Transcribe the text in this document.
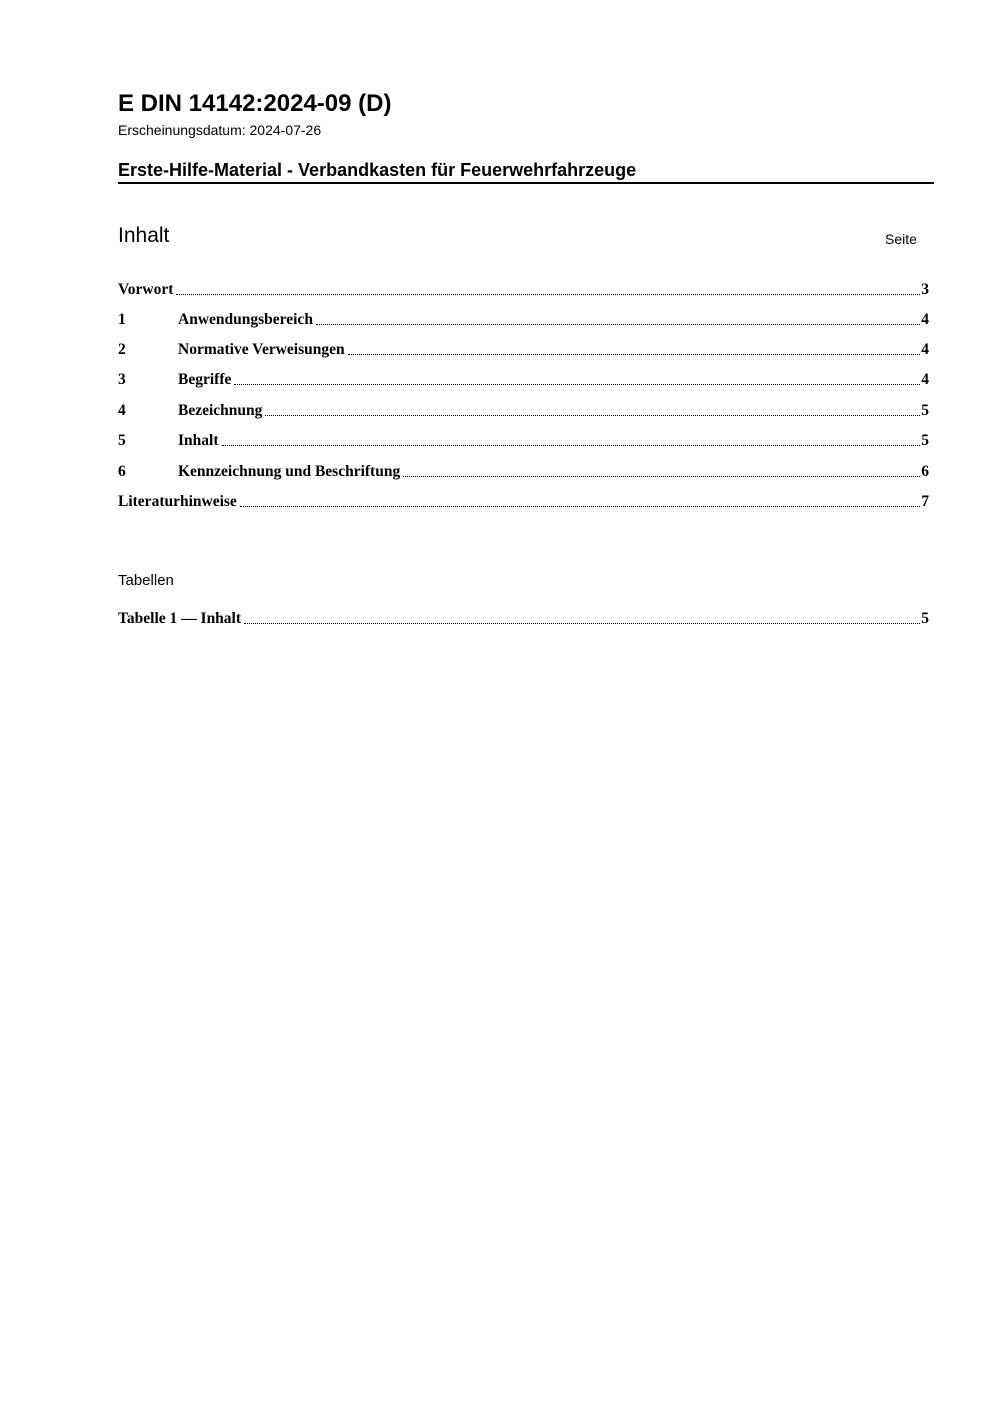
E DIN 14142:2024-09 (D)
Erscheinungsdatum: 2024-07-26
Erste-Hilfe-Material - Verbandkasten für Feuerwehrfahrzeuge
Inhalt	Seite
Vorwort	3
1	Anwendungsbereich	4
2	Normative Verweisungen	4
3	Begriffe	4
4	Bezeichnung	5
5	Inhalt	5
6	Kennzeichnung und Beschriftung	6
Literaturhinweise	7
Tabellen
Tabelle 1 — Inhalt	5
